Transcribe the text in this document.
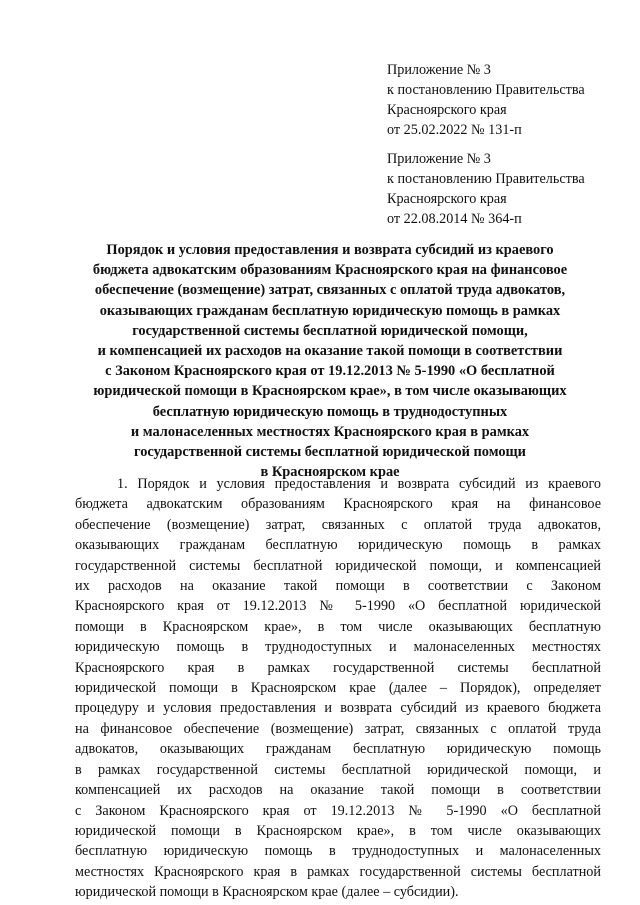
Приложение № 3
к постановлению Правительства
Красноярского края
от 25.02.2022 № 131-п
Приложение № 3
к постановлению Правительства
Красноярского края
от 22.08.2014 № 364-п
Порядок и условия предоставления и возврата субсидий из краевого
бюджета адвокатским образованиям Красноярского края на финансовое
обеспечение (возмещение) затрат, связанных с оплатой труда адвокатов,
оказывающих гражданам бесплатную юридическую помощь в рамках
государственной системы бесплатной юридической помощи,
и компенсацией их расходов на оказание такой помощи в соответствии
с Законом Красноярского края от 19.12.2013 № 5-1990 «О бесплатной
юридической помощи в Красноярском крае», в том числе оказывающих
бесплатную юридическую помощь в труднодоступных
и малонаселенных местностях Красноярского края в рамках
государственной системы бесплатной юридической помощи
в Красноярском крае
1. Порядок и условия предоставления и возврата субсидий из краевого
бюджета адвокатским образованиям Красноярского края на финансовое
обеспечение (возмещение) затрат, связанных с оплатой труда адвокатов,
оказывающих гражданам бесплатную юридическую помощь в рамках
государственной системы бесплатной юридической помощи, и компенсацией
их расходов на оказание такой помощи в соответствии с Законом
Красноярского края от 19.12.2013 № 5-1990 «О бесплатной юридической
помощи в Красноярском крае», в том числе оказывающих бесплатную
юридическую помощь в труднодоступных и малонаселенных местностях
Красноярского края в рамках государственной системы бесплатной
юридической помощи в Красноярском крае (далее – Порядок), определяет
процедуру и условия предоставления и возврата субсидий из краевого бюджета
на финансовое обеспечение (возмещение) затрат, связанных с оплатой труда
адвокатов, оказывающих гражданам бесплатную юридическую помощь
в рамках государственной системы бесплатной юридической помощи, и
компенсацией их расходов на оказание такой помощи в соответствии
с Законом Красноярского края от 19.12.2013 № 5-1990 «О бесплатной
юридической помощи в Красноярском крае», в том числе оказывающих
бесплатную юридическую помощь в труднодоступных и малонаселенных
местностях Красноярского края в рамках государственной системы бесплатной
юридической помощи в Красноярском крае (далее – субсидии).
